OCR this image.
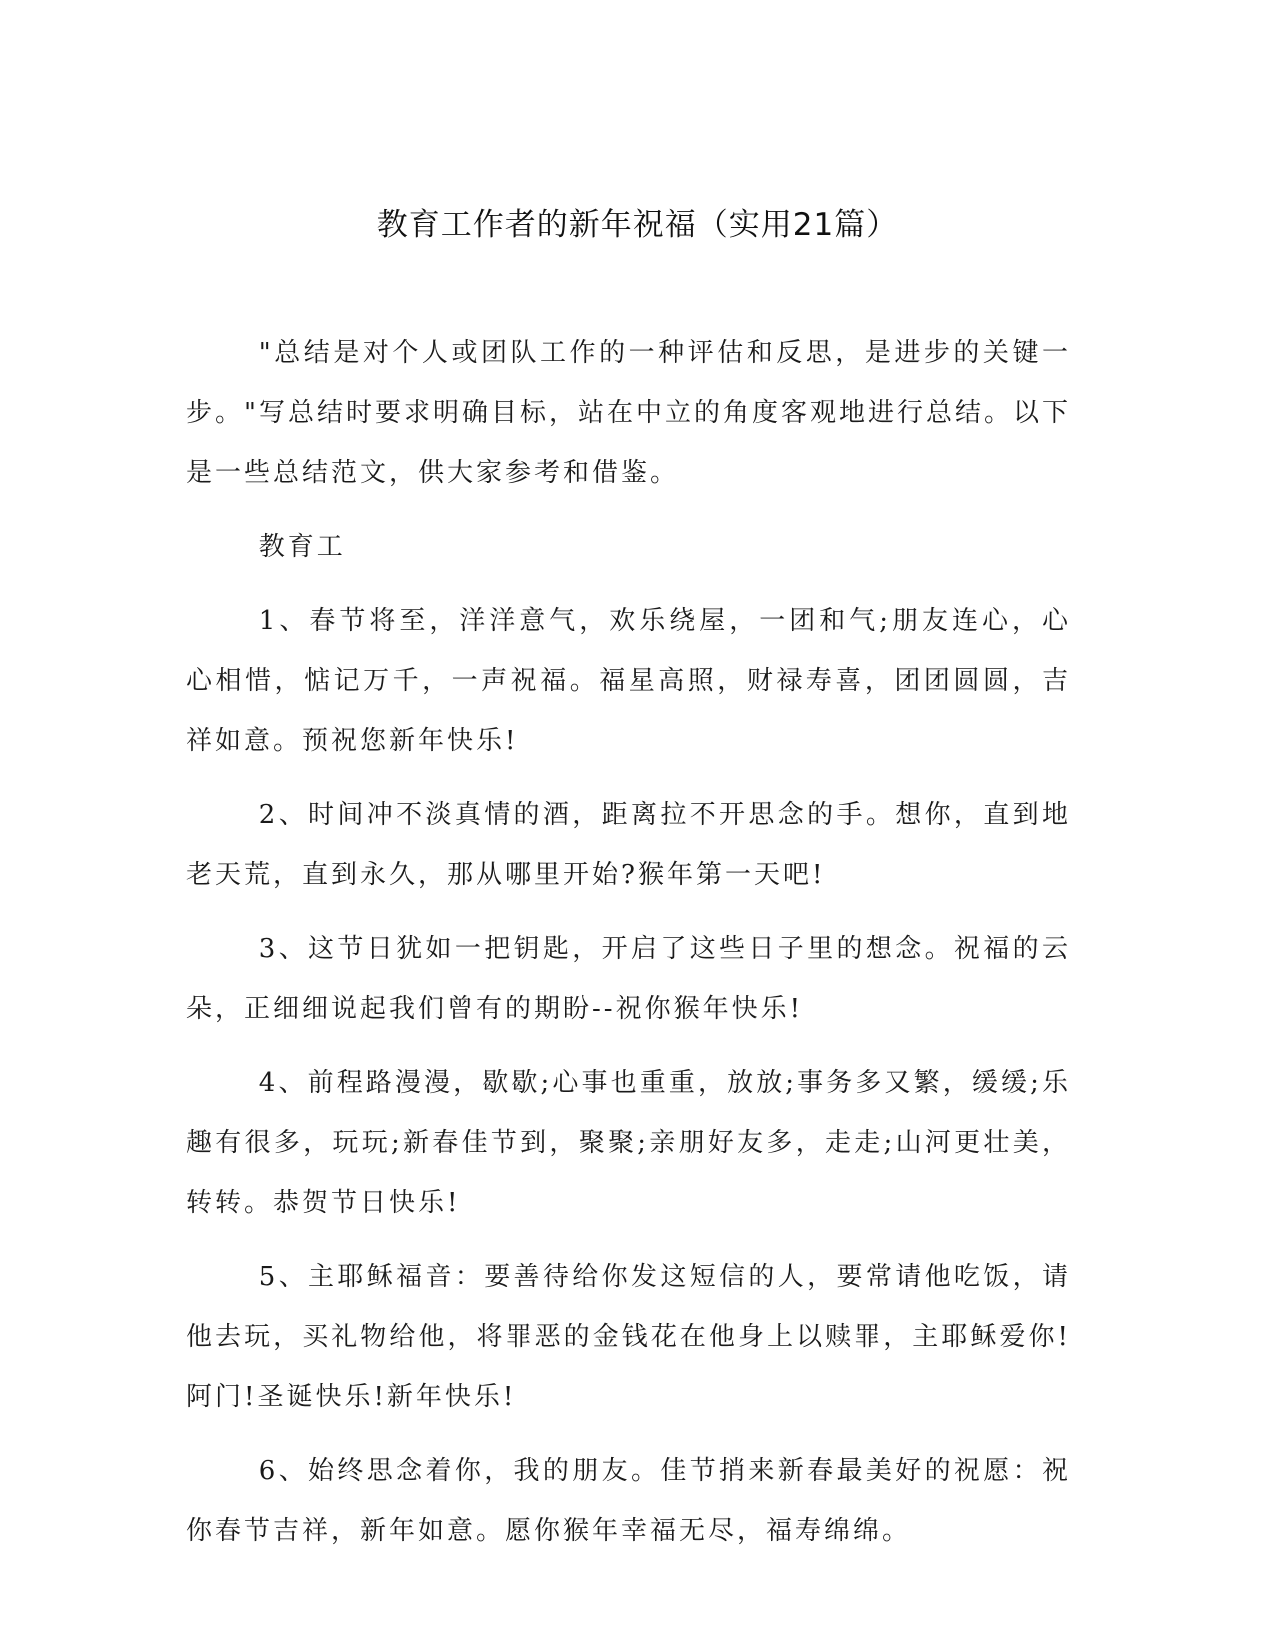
教育工作者的新年祝福（实用21篇）

"总结是对个人或团队工作的一种评估和反思，是进步的关键一步。"写总结时要求明确目标，站在中立的角度客观地进行总结。以下是一些总结范文，供大家参考和借鉴。

教育工

1、春节将至，洋洋意气，欢乐绕屋，一团和气;朋友连心，心心相惜，惦记万千，一声祝福。福星高照，财禄寿喜，团团圆圆，吉祥如意。预祝您新年快乐!

2、时间冲不淡真情的酒，距离拉不开思念的手。想你，直到地老天荒，直到永久，那从哪里开始?猴年第一天吧!

3、这节日犹如一把钥匙，开启了这些日子里的想念。祝福的云朵，正细细说起我们曾有的期盼--祝你猴年快乐!

4、前程路漫漫，歇歇;心事也重重，放放;事务多又繁，缓缓;乐趣有很多，玩玩;新春佳节到，聚聚;亲朋好友多，走走;山河更壮美，转转。恭贺节日快乐!

5、主耶稣福音：要善待给你发这短信的人，要常请他吃饭，请他去玩，买礼物给他，将罪恶的金钱花在他身上以赎罪，主耶稣爱你!阿门!圣诞快乐!新年快乐!

6、始终思念着你，我的朋友。佳节捎来新春最美好的祝愿：祝你春节吉祥，新年如意。愿你猴年幸福无尽，福寿绵绵。
